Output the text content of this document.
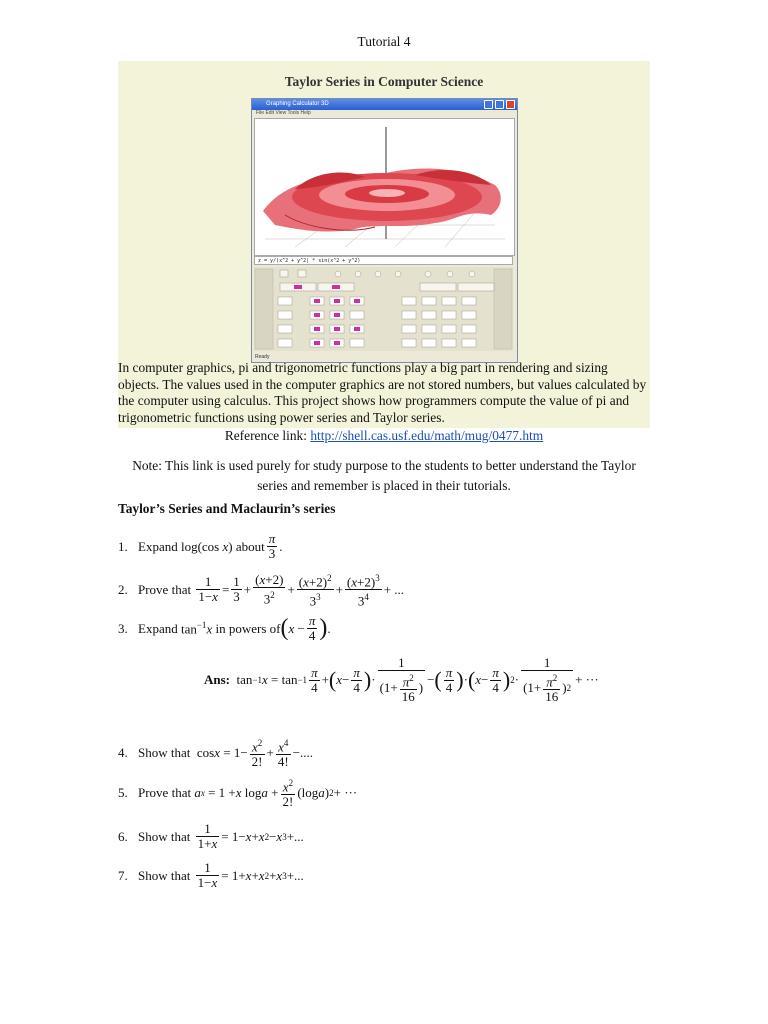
Tutorial 4
Taylor Series in Computer Science
Graphing Calculator 3D
File Edit View Tools Help
z = y/(x^2 + y^2) * sin(x^2 + y^2)
Ready
In computer graphics, pi and trigonometric functions play a big part in rendering and sizing objects. The values used in the computer graphics are not stored numbers, but values calculated by the computer using calculus. This project shows how programmers compute the value of pi and trigonometric functions using power series and Taylor series.
Reference link: http://shell.cas.usf.edu/math/mug/0477.htm
Note: This link is used purely for study purpose to the students to better understand the Taylor series and remember is placed in their tutorials.
Taylor’s Series and Maclaurin’s series
1. Expand
log(cos x)
about $\frac{\pi}{3}$ .
2. Prove that
$\frac{1}{1-x} = \frac{1}{3} + \frac{(x+2)}{3^2} + \frac{(x+2)^2}{3^3} + \frac{(x+2)^3}{3^4}$ + ...
3. Expand
$\tan^{-1}x$
in powers of ( $x - \frac{\pi}{4}$ ) .
Ans: tan −1 $x = \tan -1 \frac{\pi}{4}$ + ( $x - \frac{\pi}{4}$ ) · $\frac{1}{(1+ \frac{\pi^2}{16} )}$ − ( $\frac{\pi}{4}$ ) · ( $x - \frac{\pi}{4}$ ) $2 \cdot \frac{1}{(1+ \frac{\pi^2}{16} ) 2}$ + ···
4. Show that $\cos x = 1- \frac{x^2}{2!} + \frac{x^4}{4!}$ −....
5. Prove that
a x = 1 + x $\log a + \frac{x^2}{2!} (\log$ a ) 2 + ···
6. Show that
$\frac{1}{1+x} = 1- x + x$ 2 − x 3 +...
7. Show that
$\frac{1}{1-x} = 1+ x + x$ 2 + x 3 +...
